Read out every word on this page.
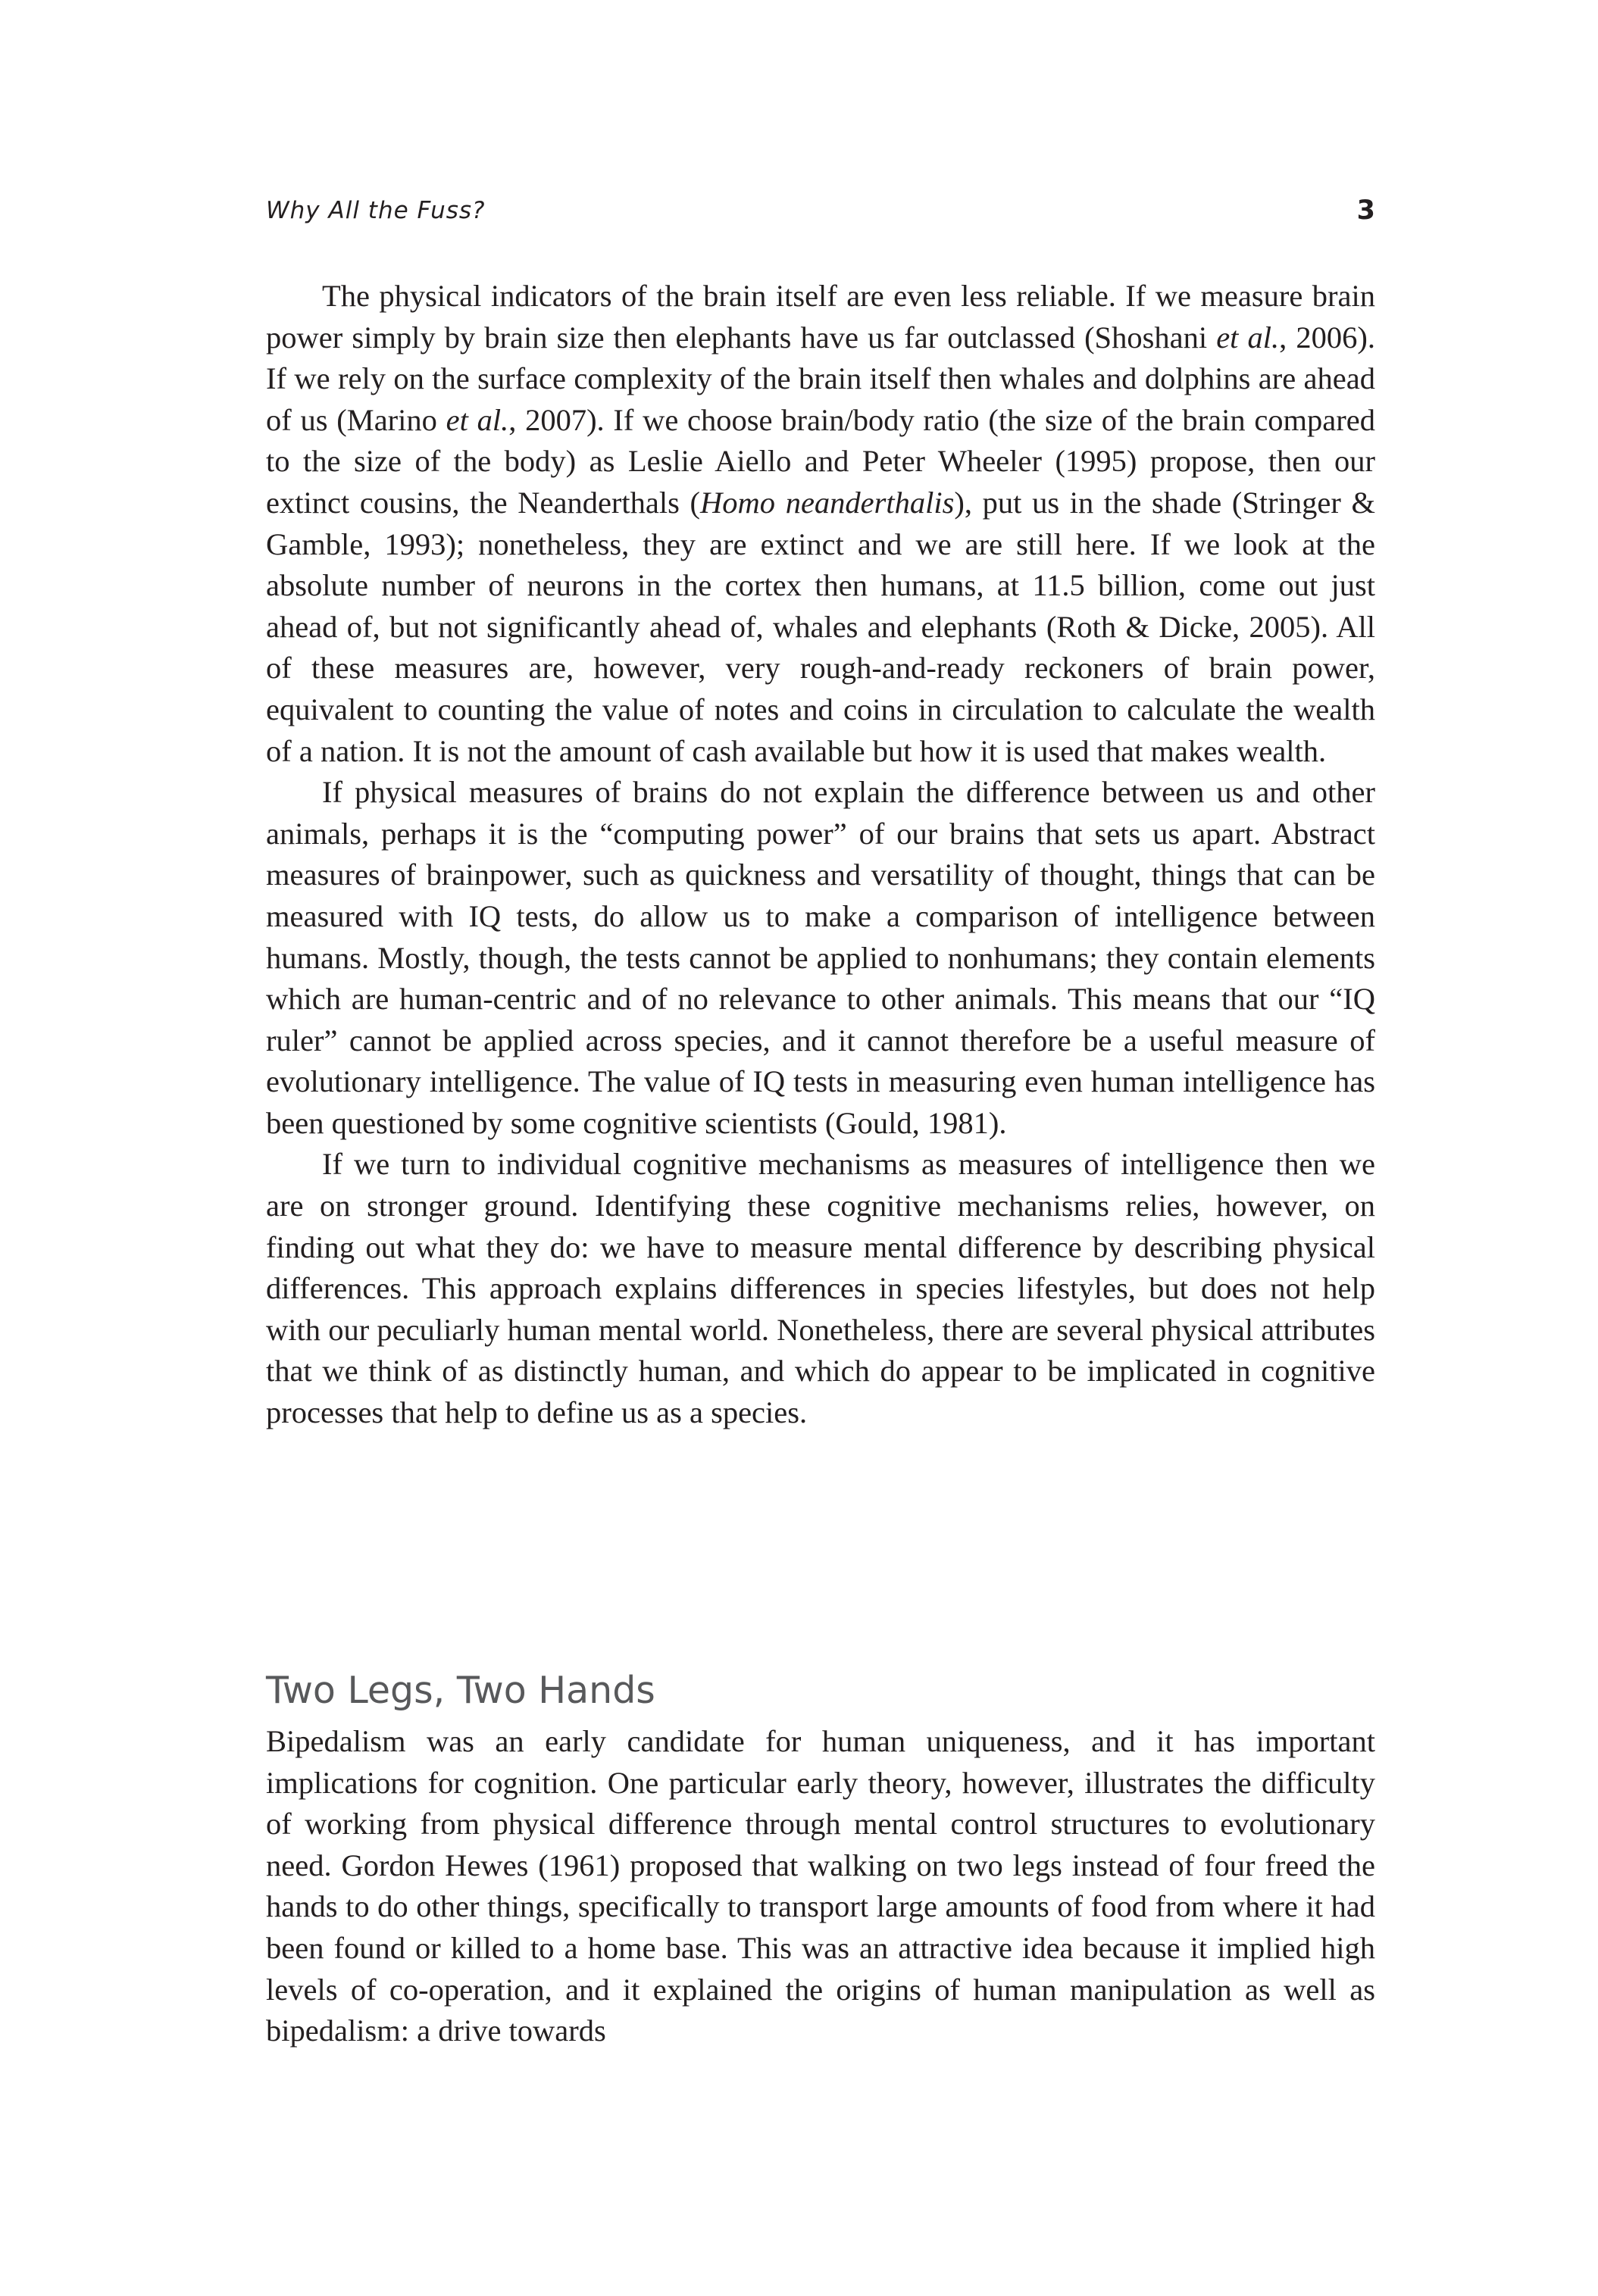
Why All the Fuss?	3

The physical indicators of the brain itself are even less reliable. If we measure brain power simply by brain size then elephants have us far outclassed (Shoshani et al., 2006). If we rely on the surface complexity of the brain itself then whales and dolphins are ahead of us (Marino et al., 2007). If we choose brain/body ratio (the size of the brain compared to the size of the body) as Leslie Aiello and Peter Wheeler (1995) propose, then our extinct cousins, the Neanderthals (Homo neanderthalis), put us in the shade (Stringer & Gamble, 1993); nonetheless, they are extinct and we are still here. If we look at the absolute number of neurons in the cortex then humans, at 11.5 billion, come out just ahead of, but not significantly ahead of, whales and elephants (Roth & Dicke, 2005). All of these measures are, however, very rough-and-ready reckoners of brain power, equivalent to counting the value of notes and coins in circulation to calculate the wealth of a nation. It is not the amount of cash available but how it is used that makes wealth.

If physical measures of brains do not explain the difference between us and other animals, perhaps it is the “computing power” of our brains that sets us apart. Abstract measures of brainpower, such as quickness and versatility of thought, things that can be measured with IQ tests, do allow us to make a comparison of intelligence between humans. Mostly, though, the tests cannot be applied to nonhumans; they contain elements which are human-centric and of no relevance to other animals. This means that our “IQ ruler” cannot be applied across species, and it cannot therefore be a useful measure of evolutionary intelligence. The value of IQ tests in measuring even human intelligence has been questioned by some cognitive scientists (Gould, 1981).

If we turn to individual cognitive mechanisms as measures of intelligence then we are on stronger ground. Identifying these cognitive mechanisms relies, however, on finding out what they do: we have to measure mental difference by describing physical differences. This approach explains differences in species lifestyles, but does not help with our peculiarly human mental world. Nonetheless, there are several physical attributes that we think of as distinctly human, and which do appear to be implicated in cognitive processes that help to define us as a species.

Two Legs, Two Hands

Bipedalism was an early candidate for human uniqueness, and it has important implications for cognition. One particular early theory, however, illustrates the difficulty of working from physical difference through mental control structures to evolutionary need. Gordon Hewes (1961) proposed that walking on two legs instead of four freed the hands to do other things, specifically to transport large amounts of food from where it had been found or killed to a home base. This was an attractive idea because it implied high levels of co-operation, and it explained the origins of human manipulation as well as bipedalism: a drive towards
